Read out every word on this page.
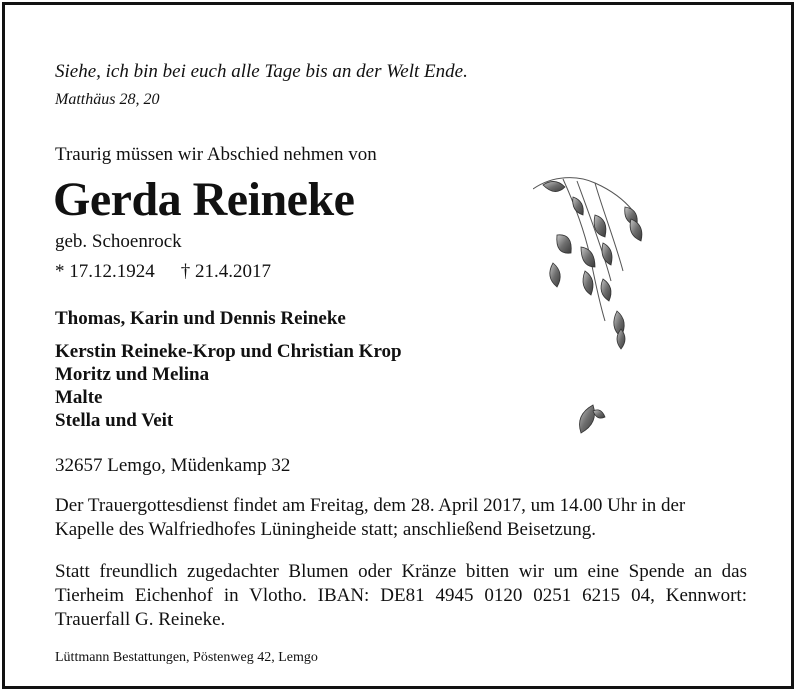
Siehe, ich bin bei euch alle Tage bis an der Welt Ende.
Matthäus 28, 20
Traurig müssen wir Abschied nehmen von
Gerda Reineke
geb. Schoenrock
* 17.12.1924 † 21.4.2017
Thomas, Karin und Dennis Reineke
Kerstin Reineke-Krop und Christian Krop
Moritz und Melina
Malte
Stella und Veit
32657 Lemgo, Müdenkamp 32
Der Trauergottesdienst findet am Freitag, dem 28. April 2017, um 14.00 Uhr in der Kapelle des Walfriedhofes Lüningheide statt; anschließend Beisetzung.
Statt freundlich zugedachter Blumen oder Kränze bitten wir um eine Spende an das Tierheim Eichenhof in Vlotho. IBAN: DE81 4945 0120 0251 6215 04, Kennwort: Trauerfall G. Reineke.
Lüttmann Bestattungen, Pöstenweg 42, Lemgo
